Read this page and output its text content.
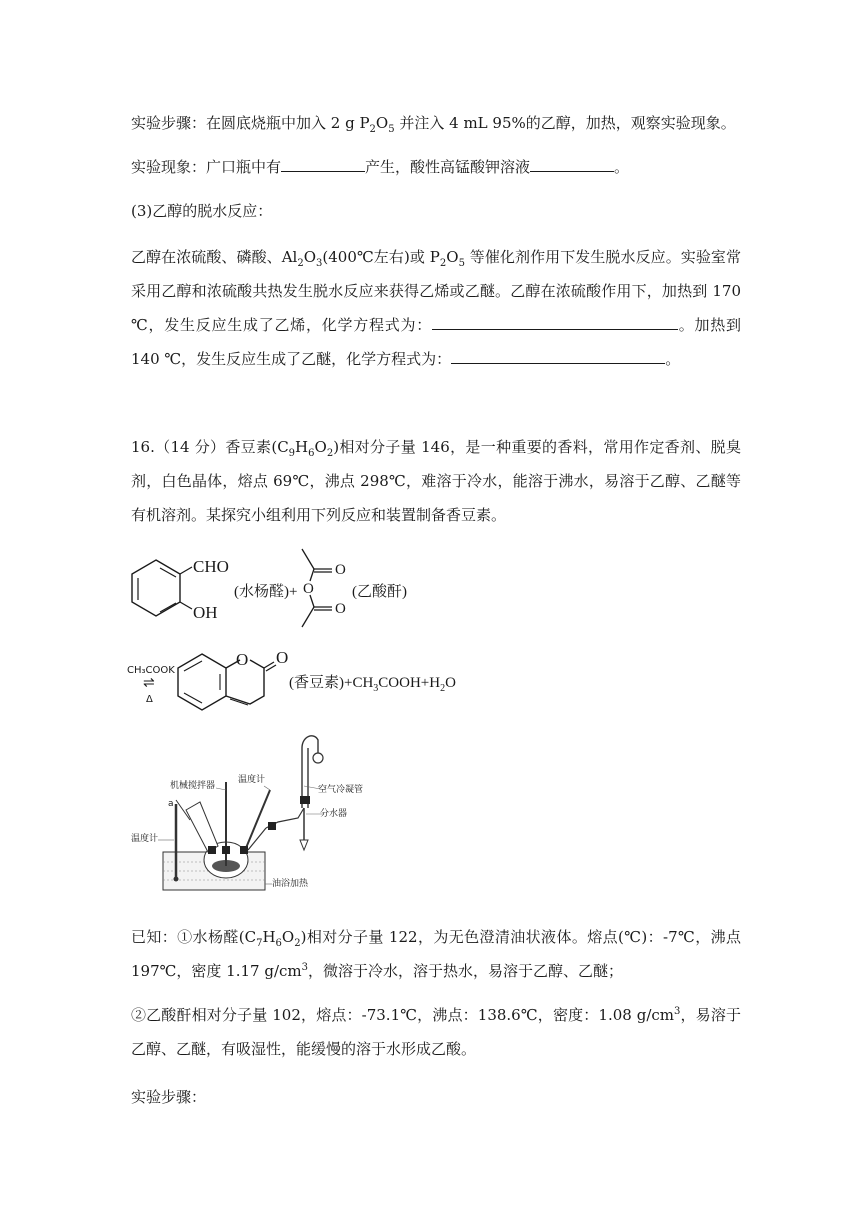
实验步骤：在圆底烧瓶中加入 2 g $P_2O_5$ 并注入 4 mL 95%的乙醇，加热，观察实验现象。

实验现象：广口瓶中有	产生，酸性高锰酸钾溶液	。

(3)乙醇的脱水反应：

乙醇在浓硫酸、磷酸、$Al_2O_3(400℃$左右)或 $P_2O_5$ 等催化剂作用下发生脱水反应。实验室常采用乙醇和浓硫酸共热发生脱水反应来获得乙烯或乙醚。乙醇在浓硫酸作用下，加热到 170 ℃，发生反应生成了乙烯，化学方程式为：	。加热到 140 ℃，发生反应生成了乙醚，化学方程式为：	。

16.（14 分）香豆素$(C_9H_6O_2)$相对分子量 146，是一种重要的香料，常用作定香剂、脱臭剂，白色晶体，熔点 69℃，沸点 298℃，难溶于冷水，能溶于沸水，易溶于乙醇、乙醚等有机溶剂。某探究小组利用下列反应和装置制备香豆素。

CHO
OH
(水杨醛)+
O
O
O
(乙酸酐)
CH₃COOK
⇌
Δ
O O
(香豆素)$+CH_3COOH+H_2O$
机械搅拌器
温度计
a
空气冷凝管
分水器
温度计
油浴加热

已知：①水杨醛$(C_7H_6O_2)$相对分子量 122，为无色澄清油状液体。熔点(℃)：-7℃，沸点 197℃，密度 1.17 $g/cm^3$，微溶于冷水，溶于热水，易溶于乙醇、乙醚；

②乙酸酐相对分子量 102，熔点：-73.1℃，沸点：138.6℃，密度：1.08 $g/cm^3$，易溶于乙醇、乙醚，有吸湿性，能缓慢的溶于水形成乙酸。

实验步骤：
